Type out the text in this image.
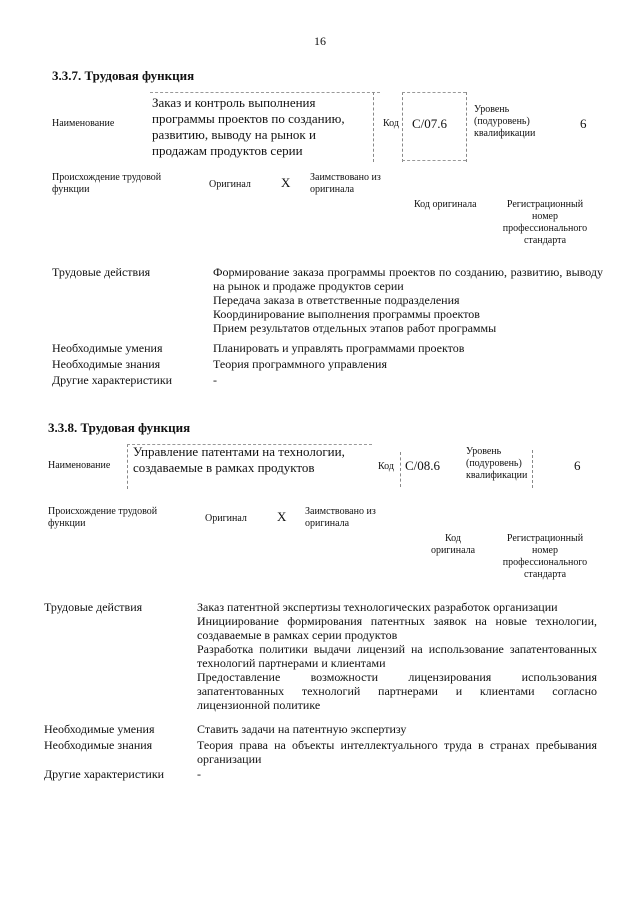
16
3.3.7. Трудовая функция
Наименование
Заказ и контроль выполнения программы проектов по созданию, развитию, выводу на рынок и продажам продуктов серии
Код С/07.6
Уровень (подуровень) квалификации
6
Происхождение трудовой функции	Оригинал X Заимствовано из оригинала
Код оригинала	Регистрационный номер профессионального стандарта
Трудовые действия	Формирование заказа программы проектов по созданию, развитию, выводу на рынок и продаже продуктов серии
Передача заказа в ответственные подразделения
Координирование выполнения программы проектов
Прием результатов отдельных этапов работ программы
Необходимые умения	Планировать и управлять программами проектов
Необходимые знания	Теория программного управления
Другие характеристики	-
3.3.8. Трудовая функция
Наименование
Управление патентами на технологии, создаваемые в рамках продуктов	Код С/08.6
Уровень (подуровень) квалификации
6
Происхождение трудовой функции	Оригинал X Заимствовано из оригинала
Код оригинала
Регистрационный номер профессионального стандарта
Трудовые действия	Заказ патентной экспертизы технологических разработок организации
Инициирование формирования патентных заявок на новые технологии, создаваемые в рамках серии продуктов
Разработка политики выдачи лицензий на использование запатентованных технологий партнерами и клиентами
Предоставление возможности лицензирования использования запатентованных технологий партнерами и клиентами согласно лицензионной политике
Необходимые умения	Ставить задачи на патентную экспертизу
Необходимые знания	Теория права на объекты интеллектуального труда в странах пребывания организации
Другие характеристики	-
